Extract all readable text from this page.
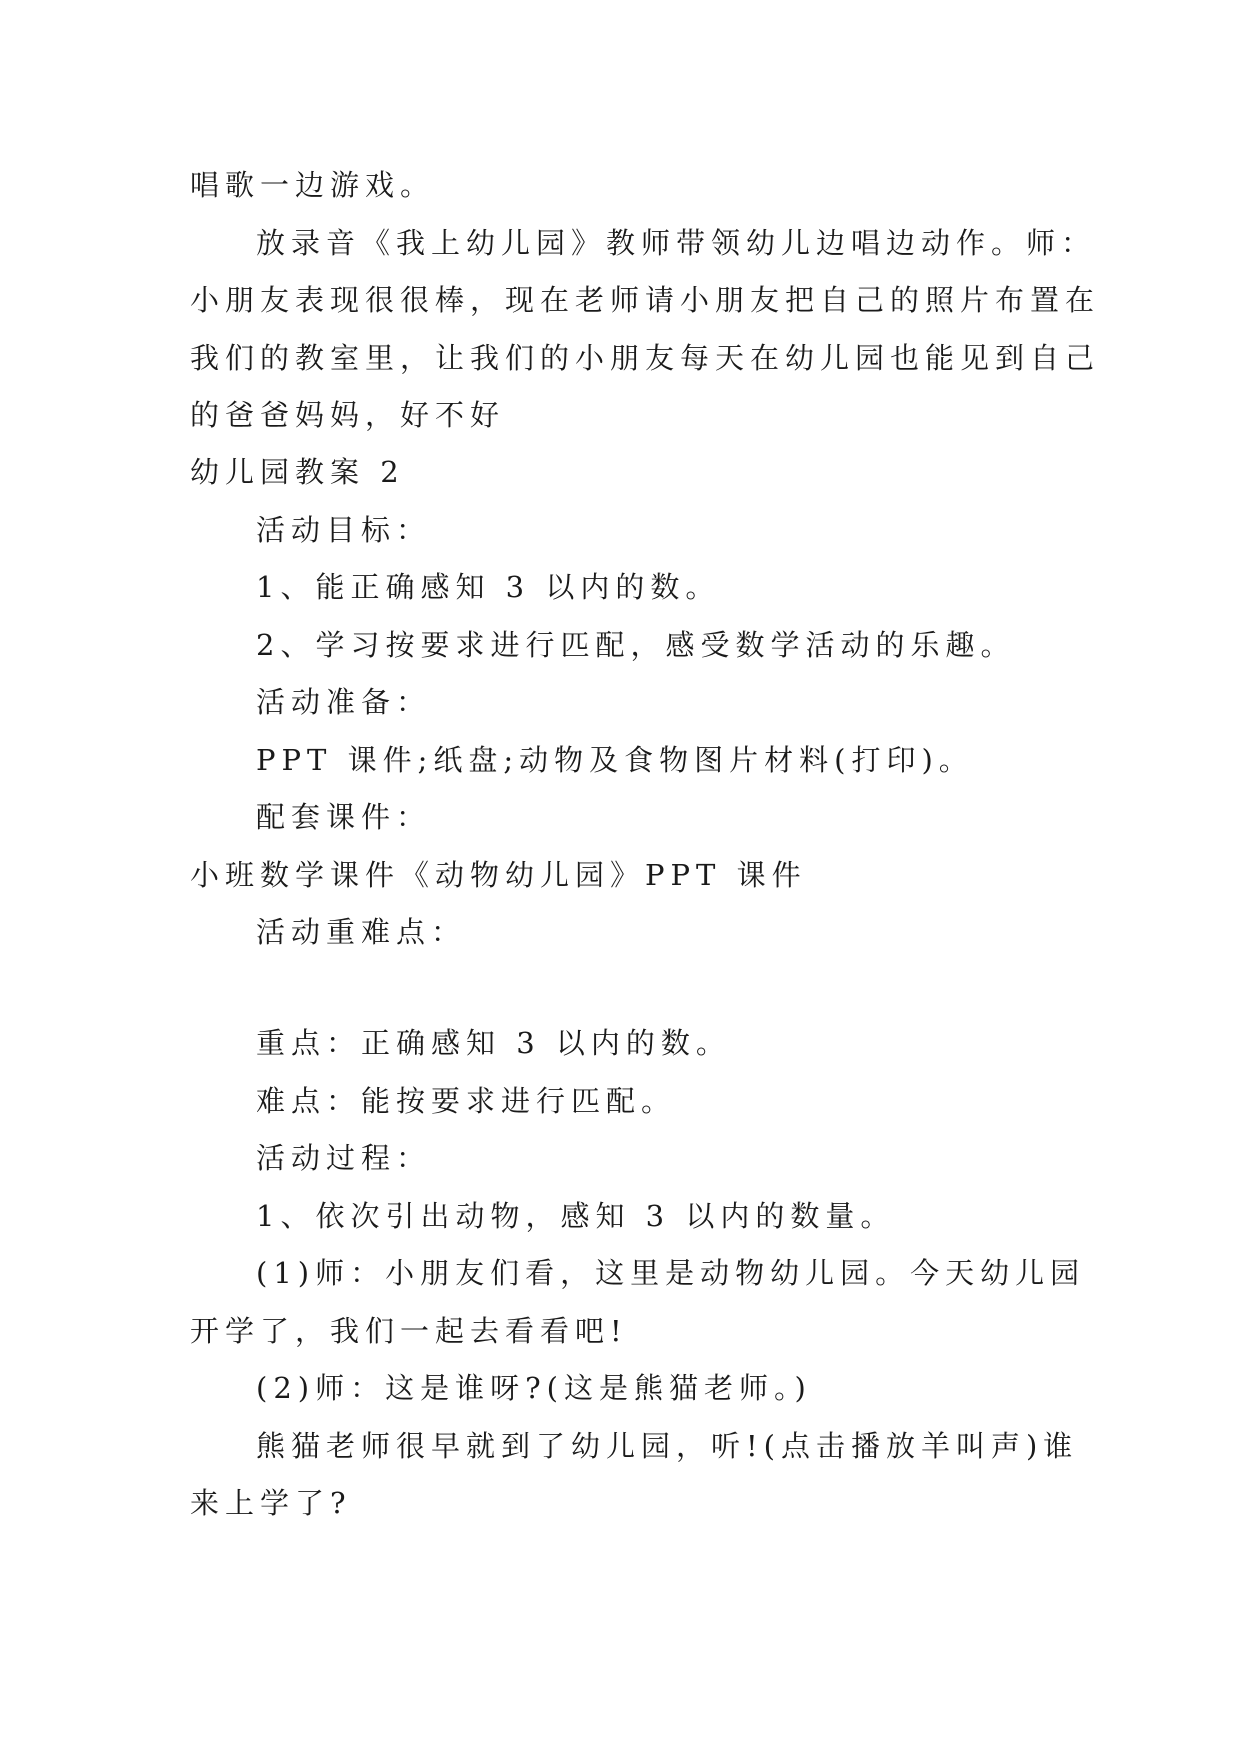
唱歌一边游戏。
放录音《我上幼儿园》教师带领幼儿边唱边动作。师：
小朋友表现很很棒，现在老师请小朋友把自己的照片布置在
我们的教室里，让我们的小朋友每天在幼儿园也能见到自己
的爸爸妈妈，好不好
幼儿园教案 2
活动目标：
1、能正确感知 3 以内的数。
2、学习按要求进行匹配，感受数学活动的乐趣。
活动准备：
PPT 课件;纸盘;动物及食物图片材料(打印)。
配套课件：
小班数学课件《动物幼儿园》PPT 课件
活动重难点：
重点：正确感知 3 以内的数。
难点：能按要求进行匹配。
活动过程：
1、依次引出动物，感知 3 以内的数量。
(1)师：小朋友们看，这里是动物幼儿园。今天幼儿园
开学了，我们一起去看看吧!
(2)师：这是谁呀?(这是熊猫老师。)
熊猫老师很早就到了幼儿园，听!(点击播放羊叫声)谁
来上学了?
